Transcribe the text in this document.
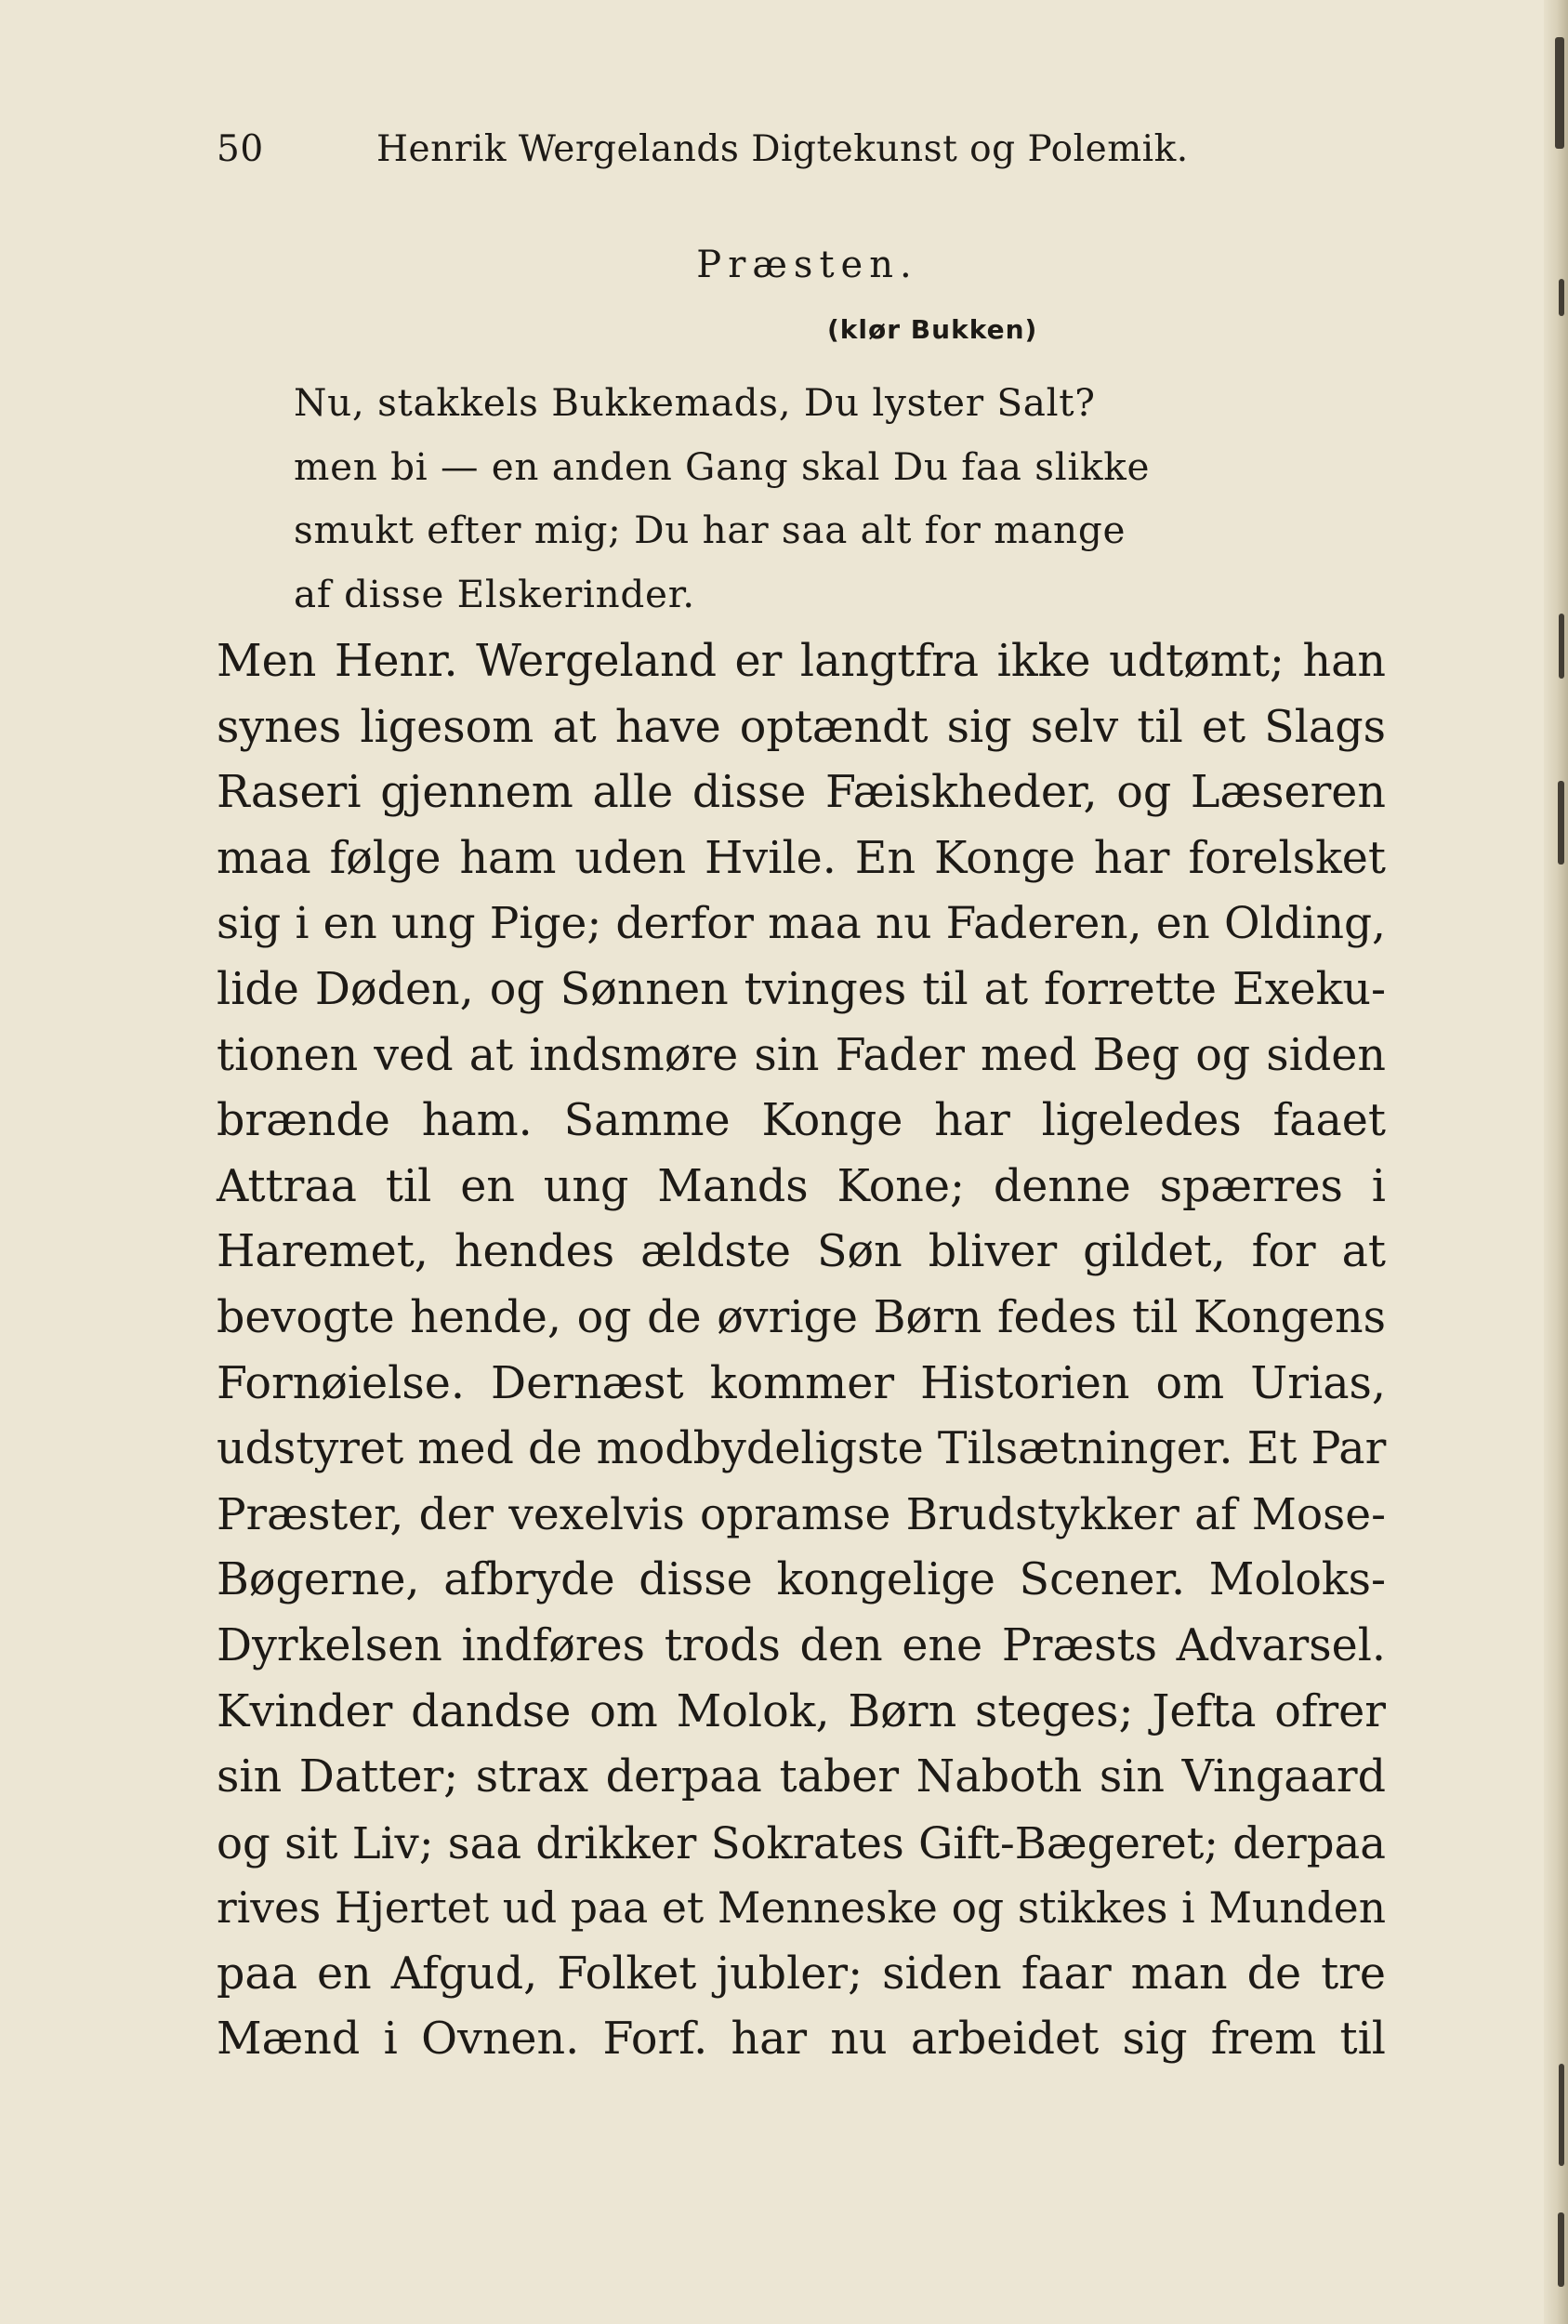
50	Henrik Wergelands Digtekunst og Polemik.
Præsten.
(klør Bukken)
Nu, stakkels Bukkemads, Du lyster Salt?
men bi — en anden Gang skal Du faa slikke
smukt efter mig; Du har saa alt for mange
af disse Elskerinder.
Men Henr. Wergeland er langtfra ikke udtømt; han
synes ligesom at have optændt sig selv til et Slags
Raseri gjennem alle disse Fæiskheder, og Læseren
maa følge ham uden Hvile. En Konge har forelsket
sig i en ung Pige; derfor maa nu Faderen, en Olding,
lide Døden, og Sønnen tvinges til at forrette Exeku-
tionen ved at indsmøre sin Fader med Beg og siden
brænde ham. Samme Konge har ligeledes faaet
Attraa til en ung Mands Kone; denne spærres i
Haremet, hendes ældste Søn bliver gildet, for at
bevogte hende, og de øvrige Børn fedes til Kongens
Fornøielse. Dernæst kommer Historien om Urias,
udstyret med de modbydeligste Tilsætninger. Et Par
Præster, der vexelvis opramse Brudstykker af Mose-
Bøgerne, afbryde disse kongelige Scener. Moloks-
Dyrkelsen indføres trods den ene Præsts Advarsel.
Kvinder dandse om Molok, Børn steges; Jefta ofrer
sin Datter; strax derpaa taber Naboth sin Vingaard
og sit Liv; saa drikker Sokrates Gift-Bægeret; derpaa
rives Hjertet ud paa et Menneske og stikkes i Munden
paa en Afgud, Folket jubler; siden faar man de tre
Mænd i Ovnen. Forf. har nu arbeidet sig frem til
